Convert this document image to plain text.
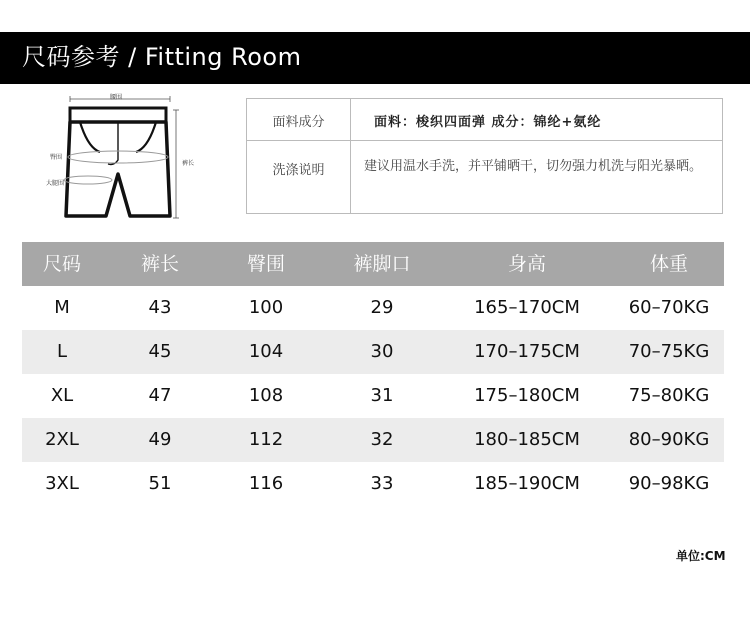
尺码参考 / Fitting Room
腰围
臀围
大腿围
裤长
面料成分	面料：梭织四面弹 成分：锦纶+氨纶
洗涤说明	建议用温水手洗，并平铺晒干，切勿强力机洗与阳光暴晒。
尺码	裤长	臀围	裤脚口	身高	体重
M	43	100	29	165–170CM	60–70KG
L	45	104	30	170–175CM	70–75KG
XL	47	108	31	175–180CM	75–80KG
2XL	49	112	32	180–185CM	80–90KG
3XL	51	116	33	185–190CM	90–98KG
单位:CM
